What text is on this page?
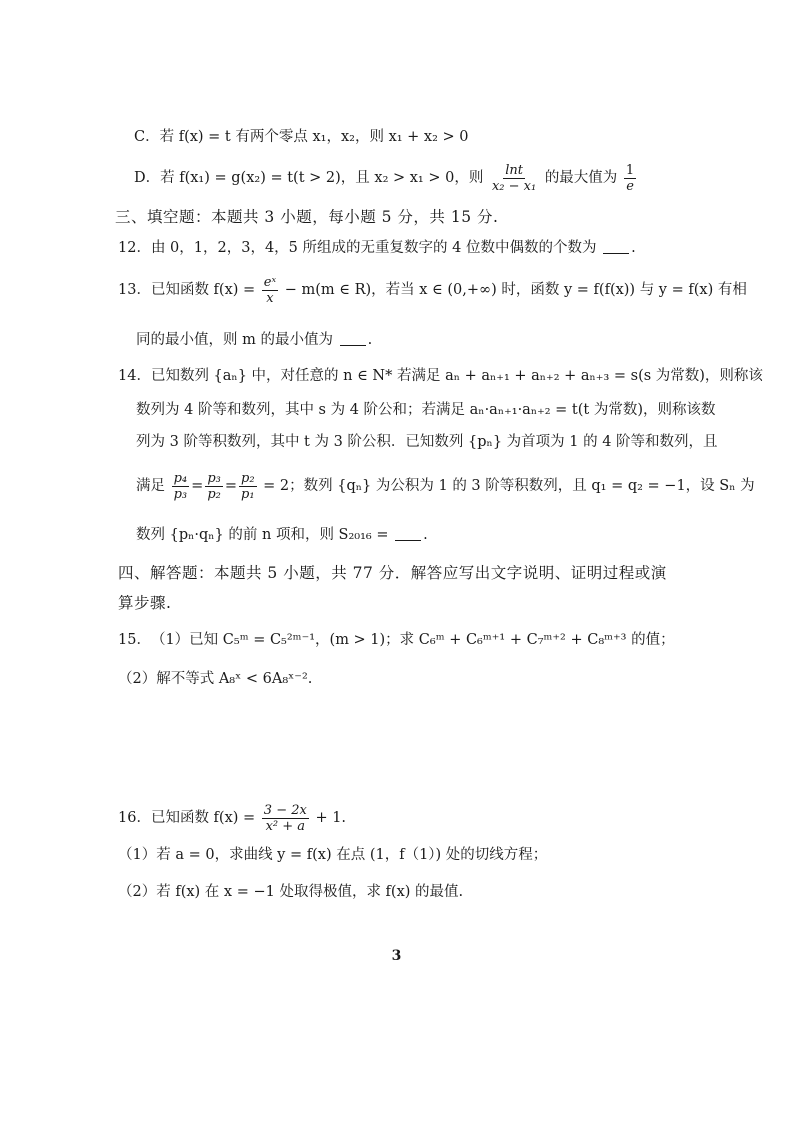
C．若 f(x) = t 有两个零点 x₁，x₂，则 x₁ + x₂ > 0
D．若 f(x₁) = g(x₂) = t(t > 2)，且 x₂ > x₁ > 0，则 $\frac{\ln t}{\text{x₂ − x₁}}$ 的最大值为 $\frac{1}{e}$
三、填空题：本题共 3 小题，每小题 5 分，共 15 分.
12．由 0，1，2，3，4，5 所组成的无重复数字的 4 位数中偶数的个数为 .
13．已知函数 $f(x) = \frac{\text{eˣ}}{x} - m(m$ ∈ R)，若当 x ∈ (0,+∞) 时，函数 y = f(f(x)) 与 y = f(x) 有相
同的最小值，则 m 的最小值为 .
14．已知数列 {aₙ} 中，对任意的 n ∈ N* 若满足 aₙ + aₙ₊₁ + aₙ₊₂ + aₙ₊₃ = s(s 为常数)，则称该
数列为 4 阶等和数列，其中 s 为 4 阶公和；若满足 aₙ·aₙ₊₁·aₙ₊₂ = t(t 为常数)，则称该数
列为 3 阶等积数列，其中 t 为 3 阶公积．已知数列 {pₙ} 为首项为 1 的 4 阶等和数列，且
满足 $\frac{\text{p₄}}{\text{p₃}} = \frac{\text{p₃}}{\text{p₂}} = \frac{\text{p₂}}{\text{p₁}} = 2$；数列 {qₙ} 为公积为 1 的 3 阶等积数列，且 q₁ = q₂ = −1，设 Sₙ 为
数列 {pₙ·qₙ} 的前 n 项和，则 S₂₀₁₆ = .
四、解答题：本题共 5 小题，共 77 分．解答应写出文字说明、证明过程或演
算步骤.
15．　（1）已知 C₅ᵐ = C₅²ᵐ⁻¹，(m > 1)；求 C₆ᵐ + C₆ᵐ⁺¹ + C₇ᵐ⁺² + C₈ᵐ⁺³ 的值；
（2）解不等式 A₈ˣ < 6A₈ˣ⁻².
16．已知函数 $f(x) = \frac{3 - 2x}{\text{x² + a}} + 1$.
（1）若 a = 0，求曲线 y = f(x) 在点 (1，f（1）) 处的切线方程；
（2）若 f(x) 在 x = −1 处取得极值，求 f(x) 的最值.
3
